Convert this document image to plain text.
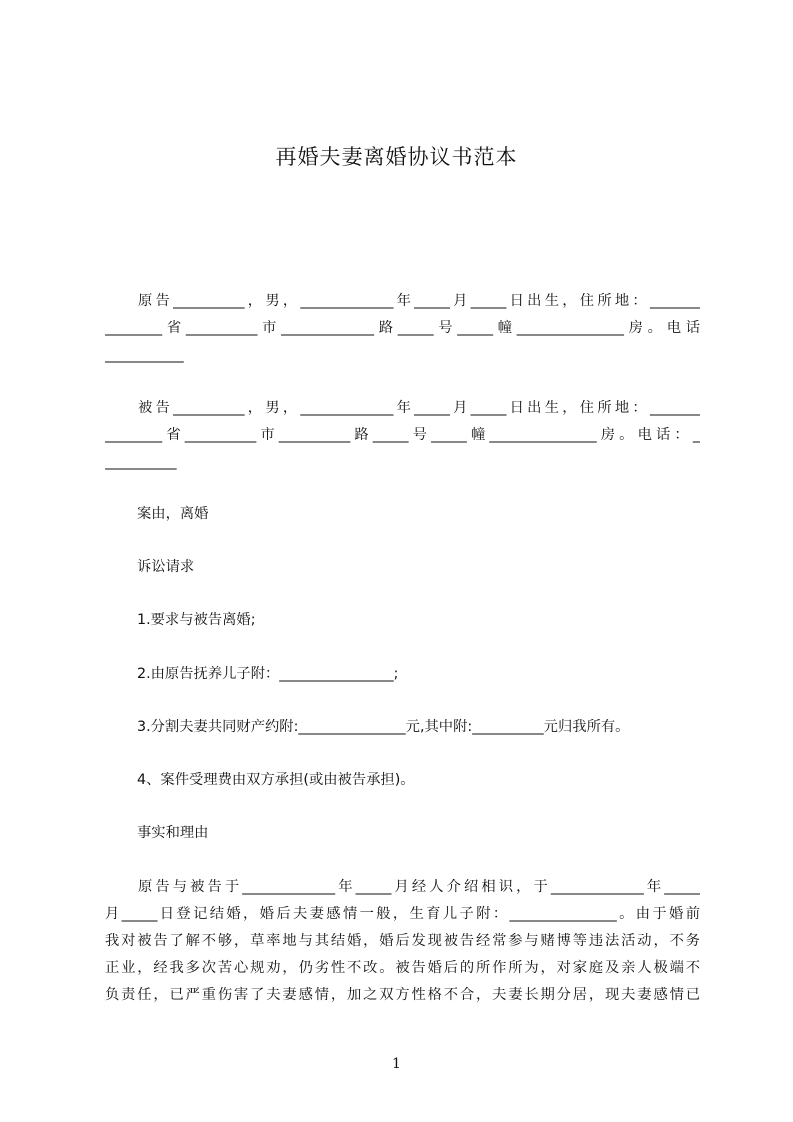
再婚夫妻离婚协议书范本

原告__________，男，_____________年_____月_____日出生，住所地：_______
________省__________市_____________路_____号_____幢_______________房。电话
___________

被告__________，男，_____________年_____月_____日出生，住所地：_______
________省__________市__________路_____号_____幢_______________房。电话：_
__________

案由，离婚

诉讼请求

1.要求与被告离婚;

2.由原告抚养儿子附：________________;

3.分割夫妻共同财产约附:_______________元,其中附:__________元归我所有。

4、案件受理费由双方承担(或由被告承担)。

事实和理由

原告与被告于_____________年_____月经人介绍相识，于_____________年_____
月_____日登记结婚，婚后夫妻感情一般，生育儿子附：_______________。由于婚前
我对被告了解不够，草率地与其结婚，婚后发现被告经常参与赌博等违法活动，不务
正业，经我多次苦心规劝，仍劣性不改。被告婚后的所作所为，对家庭及亲人极端不
负责任，已严重伤害了夫妻感情，加之双方性格不合，夫妻长期分居，现夫妻感情已

1
